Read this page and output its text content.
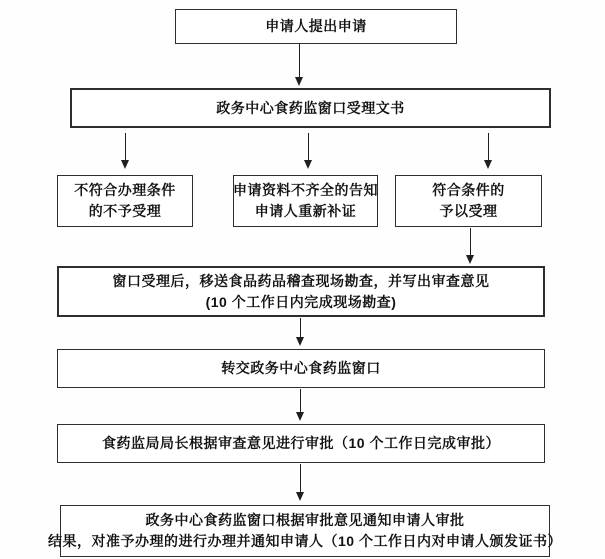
申请人提出申请
政务中心食药监窗口受理文书
不符合办理条件
的不予受理
申请资料不齐全的告知
申请人重新补证
符合条件的
予以受理
窗口受理后，移送食品药品稽查现场勘查，并写出审查意见
(10 个工作日内完成现场勘查)
转交政务中心食药监窗口
食药监局局长根据审查意见进行审批（10 个工作日完成审批）
政务中心食药监窗口根据审批意见通知申请人审批
结果，对准予办理的进行办理并通知申请人（10 个工作日内对申请人颁发证书）
